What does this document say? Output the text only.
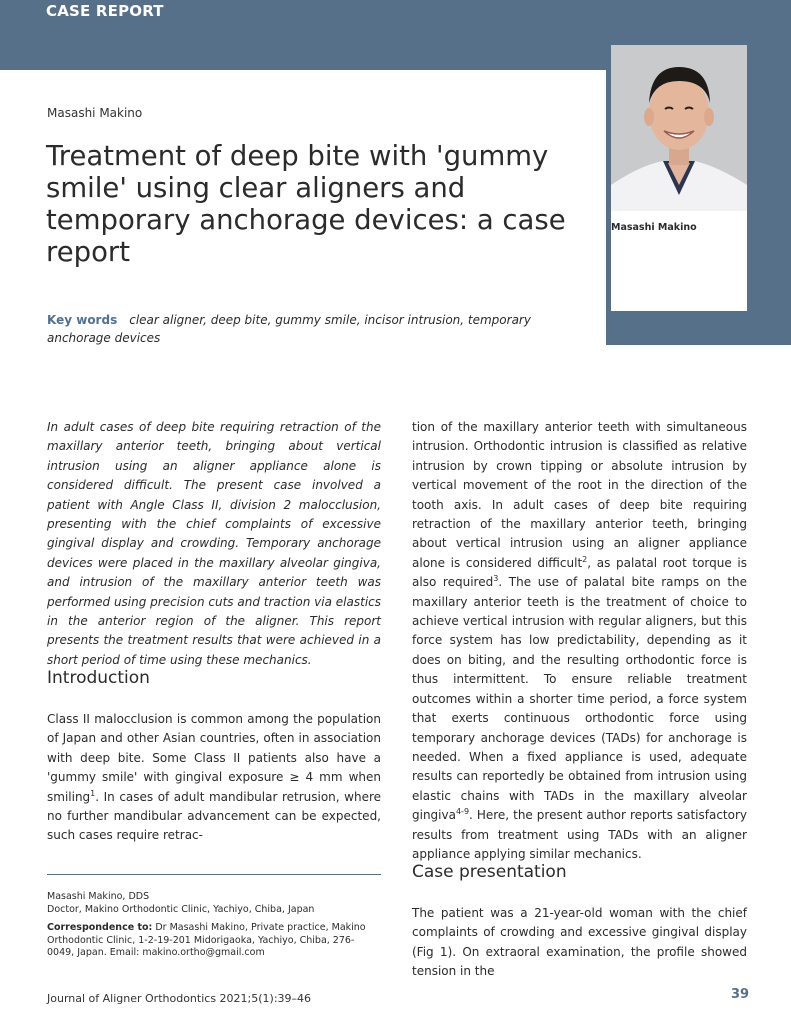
CASE REPORT
Masashi Makino
Masashi Makino
Treatment of deep bite with 'gummy smile' using clear aligners and temporary anchorage devices: a case report
Key words clear aligner, deep bite, gummy smile, incisor intrusion, temporary anchorage devices

In adult cases of deep bite requiring retraction of the maxillary anterior teeth, bringing about vertical intrusion using an aligner appliance alone is considered difficult. The present case involved a patient with Angle Class II, division 2 malocclusion, presenting with the chief complaints of excessive gingival display and crowding. Temporary anchorage devices were placed in the maxillary alveolar gingiva, and intrusion of the maxillary anterior teeth was performed using precision cuts and traction via elastics in the anterior region of the aligner. This report presents the treatment results that were achieved in a short period of time using these mechanics.

Introduction

Class II malocclusion is common among the population of Japan and other Asian countries, often in association with deep bite. Some Class II patients also have a 'gummy smile' with gingival exposure ≥ 4 mm when smiling$^1$. In cases of adult mandibular retrusion, where no further mandibular advancement can be expected, such cases require retrac-

tion of the maxillary anterior teeth with simultaneous intrusion. Orthodontic intrusion is classified as relative intrusion by crown tipping or absolute intrusion by vertical movement of the root in the direction of the tooth axis. In adult cases of deep bite requiring retraction of the maxillary anterior teeth, bringing about vertical intrusion using an aligner appliance alone is considered difficult$^2$, as palatal root torque is also required$^3$. The use of palatal bite ramps on the maxillary anterior teeth is the treatment of choice to achieve vertical intrusion with regular aligners, but this force system has low predictability, depending as it does on biting, and the resulting orthodontic force is thus intermittent. To ensure reliable treatment outcomes within a shorter time period, a force system that exerts continuous orthodontic force using temporary anchorage devices (TADs) for anchorage is needed. When a fixed appliance is used, adequate results can reportedly be obtained from intrusion using elastic chains with TADs in the maxillary alveolar gingiva$^{4-9}$. Here, the present author reports satisfactory results from treatment using TADs with an aligner appliance applying similar mechanics.

Case presentation

The patient was a 21-year-old woman with the chief complaints of crowding and excessive gingival display (Fig 1). On extraoral examination, the profile showed tension in the

Masashi Makino, DDS

Doctor, Makino Orthodontic Clinic, Yachiyo, Chiba, Japan

Correspondence to: Dr Masashi Makino, Private practice, Makino Orthodontic Clinic, 1-2-19-201 Midorigaoka, Yachiyo, Chiba, 276-0049, Japan. Email: makino.ortho@gmail.com

Journal of Aligner Orthodontics 2021;5(1):39–46	39
